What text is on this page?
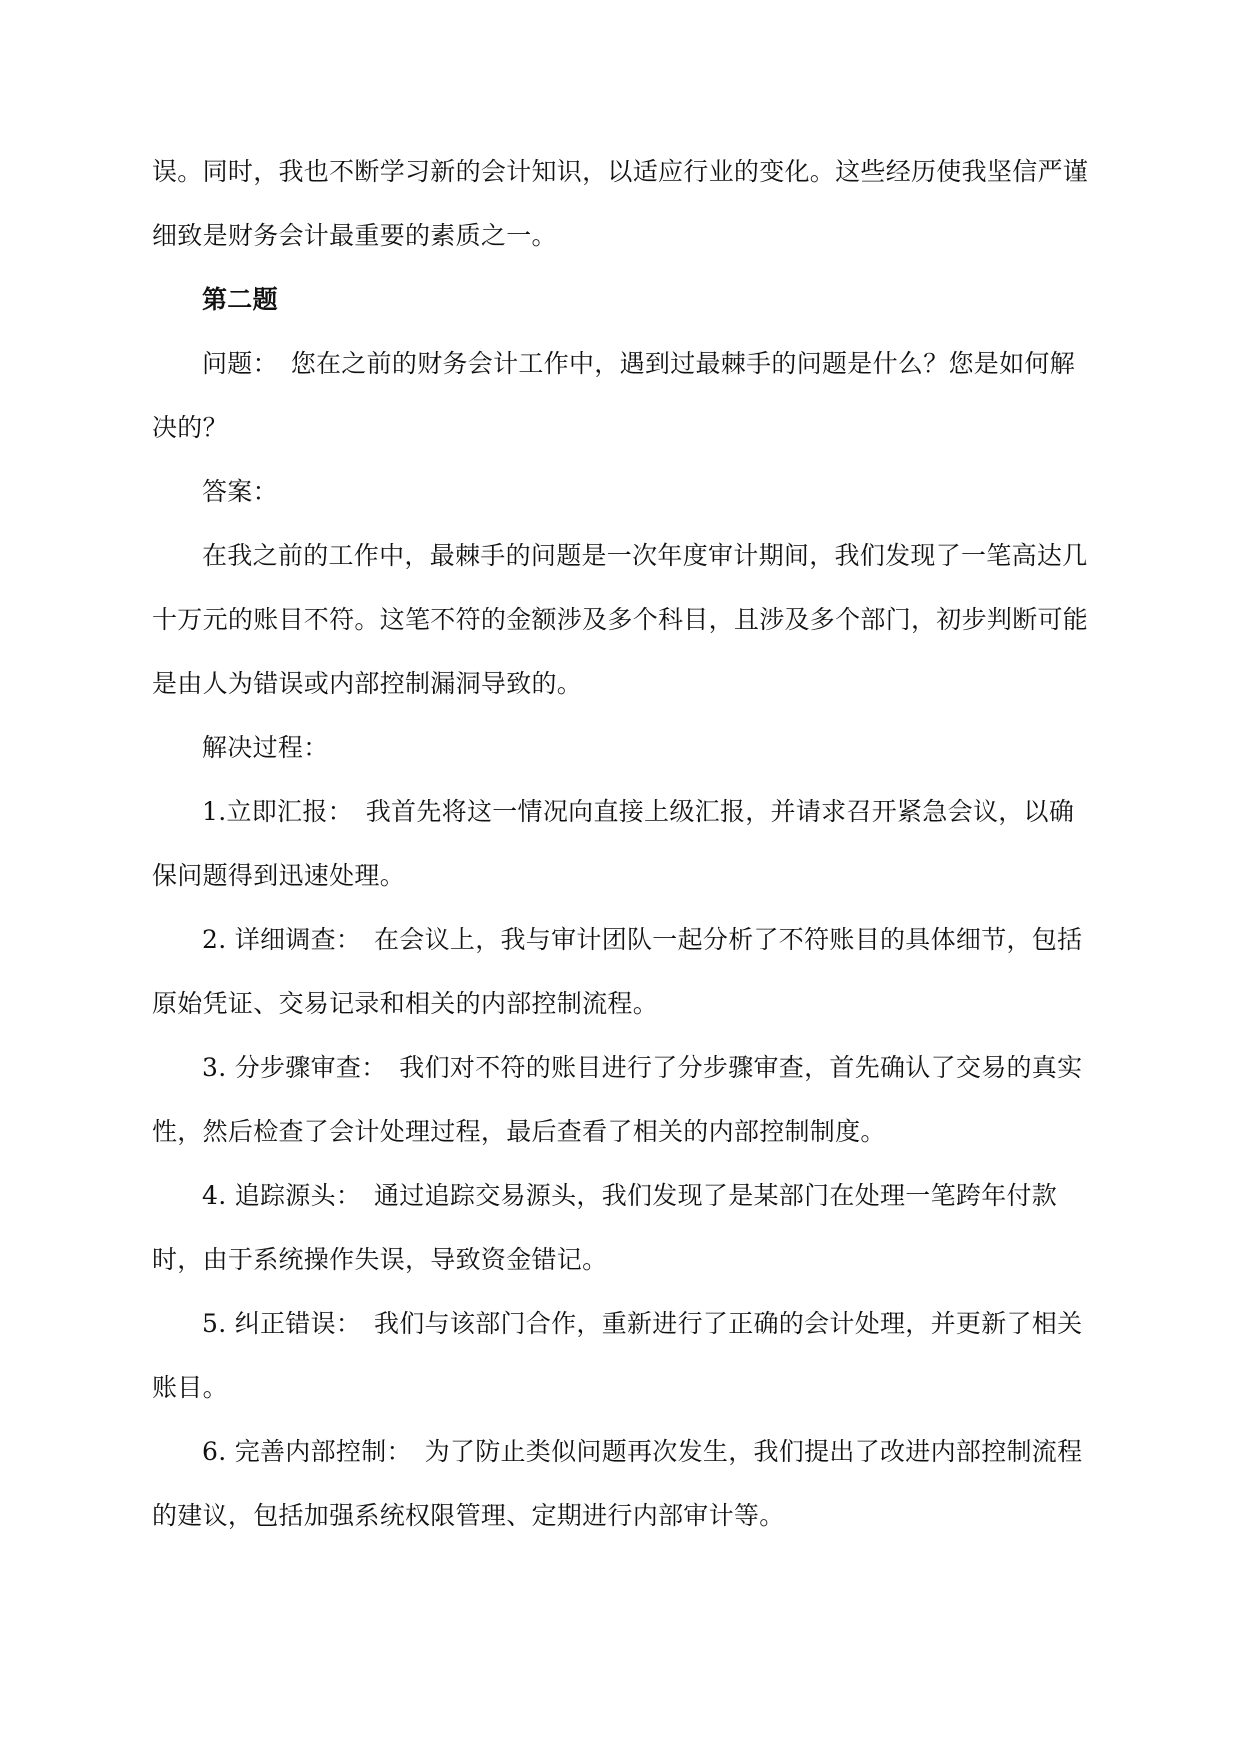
误。同时，我也不断学习新的会计知识，以适应行业的变化。这些经历使我坚信严谨细致是财务会计最重要的素质之一。

第二题

问题：　您在之前的财务会计工作中，遇到过最棘手的问题是什么？您是如何解决的？

答案：

在我之前的工作中，最棘手的问题是一次年度审计期间，我们发现了一笔高达几十万元的账目不符。这笔不符的金额涉及多个科目，且涉及多个部门，初步判断可能是由人为错误或内部控制漏洞导致的。

解决过程：

1.立即汇报：　我首先将这一情况向直接上级汇报，并请求召开紧急会议，以确保问题得到迅速处理。

2. 详细调查：　在会议上，我与审计团队一起分析了不符账目的具体细节，包括原始凭证、交易记录和相关的内部控制流程。

3. 分步骤审查：　我们对不符的账目进行了分步骤审查，首先确认了交易的真实性，然后检查了会计处理过程，最后查看了相关的内部控制制度。

4. 追踪源头：　通过追踪交易源头，我们发现了是某部门在处理一笔跨年付款时，由于系统操作失误，导致资金错记。

5. 纠正错误：　我们与该部门合作，重新进行了正确的会计处理，并更新了相关账目。

6. 完善内部控制：　为了防止类似问题再次发生，我们提出了改进内部控制流程的建议，包括加强系统权限管理、定期进行内部审计等。
